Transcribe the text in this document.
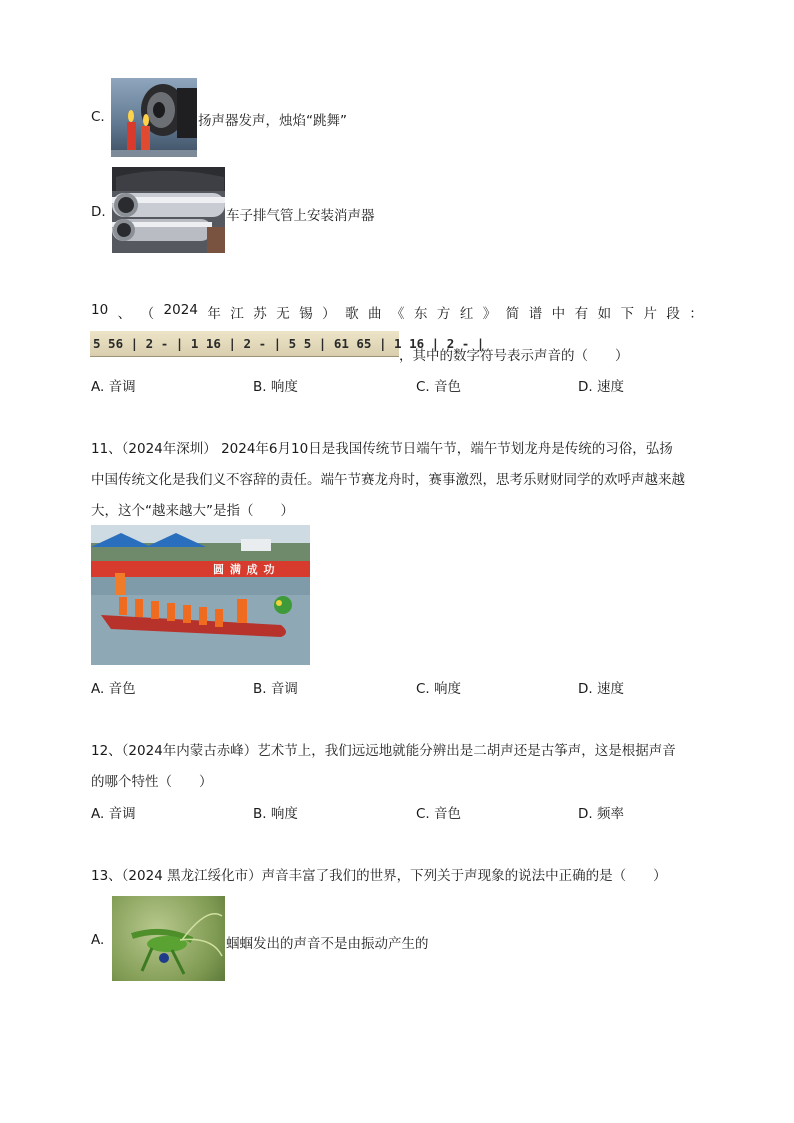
C.	扬声器发声，烛焰“跳舞”
D.	车子排气管上安装消声器
10 、 （ 2024 年 江 苏 无 锡 ） 歌 曲 《 东 方 红 》 简 谱 中 有 如 下 片 段 ：
5 56 | 2 - | 1 16 | 2 - | 5 5 | 61 65 | 1 16 | 2 - |
，其中的数字符号表示声音的（　　）
A. 音调	B. 响度	C. 音色	D. 速度
11、（2024年深圳） 2024年6月10日是我国传统节日端午节，端午节划龙舟是传统的习俗，弘扬
中国传统文化是我们义不容辞的责任。端午节赛龙舟时，赛事激烈，思考乐财财同学的欢呼声越来越
大，这个“越来越大”是指（　　）
圆 满 成 功
A. 音色	B. 音调	C. 响度	D. 速度
12、（2024年内蒙古赤峰）艺术节上，我们远远地就能分辨出是二胡声还是古筝声，这是根据声音
的哪个特性（　　）
A. 音调	B. 响度	C. 音色	D. 频率
13、（2024 黑龙江绥化市）声音丰富了我们的世界，下列关于声现象的说法中正确的是（　　）
A.	蝈蝈发出的声音不是由振动产生的
